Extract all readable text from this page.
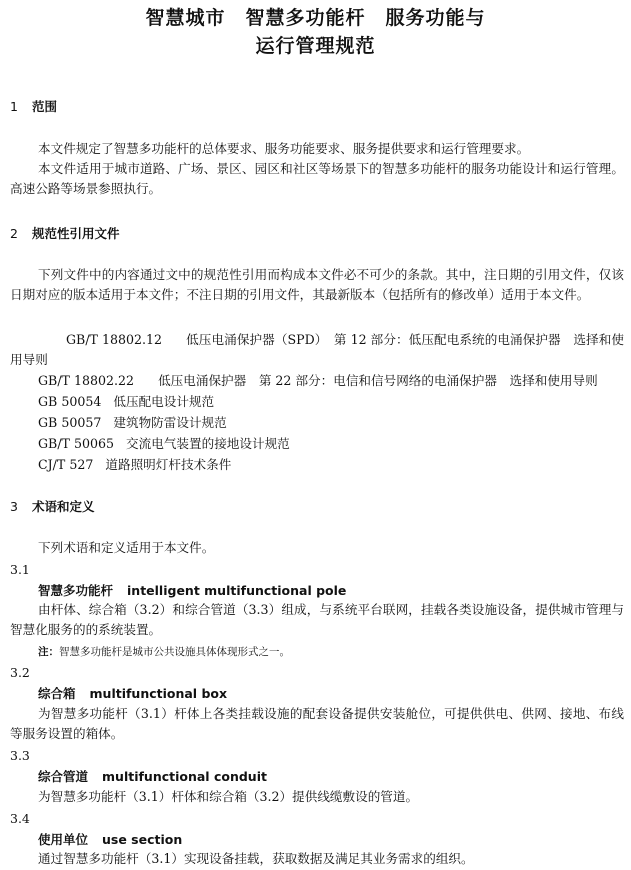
智慧城市　智慧多功能杆　服务功能与
运行管理规范
1 范围
本文件规定了智慧多功能杆的总体要求、服务功能要求、服务提供要求和运行管理要求。
本文件适用于城市道路、广场、景区、园区和社区等场景下的智慧多功能杆的服务功能设计和运行管理。高速公路等场景参照执行。
2 规范性引用文件
下列文件中的内容通过文中的规范性引用而构成本文件必不可少的条款。其中，注日期的引用文件，仅该日期对应的版本适用于本文件；不注日期的引用文件，其最新版本（包括所有的修改单）适用于本文件。
GB/T 18802.12 低压电涌保护器（SPD）　第 12 部分：低压配电系统的电涌保护器　选择和使用导则
GB/T 18802.22 低压电涌保护器　第 22 部分：电信和信号网络的电涌保护器　选择和使用导则
GB 50054 低压配电设计规范
GB 50057 建筑物防雷设计规范
GB/T 50065 交流电气装置的接地设计规范
CJ/T 527 道路照明灯杆技术条件
3 术语和定义
下列术语和定义适用于本文件。
3.1
智慧多功能杆 intelligent multifunctional pole
由杆体、综合箱（3.2）和综合管道（3.3）组成，与系统平台联网，挂载各类设施设备，提供城市管理与智慧化服务的的系统装置。
注：智慧多功能杆是城市公共设施具体体现形式之一。
3.2
综合箱 multifunctional box
为智慧多功能杆（3.1）杆体上各类挂载设施的配套设备提供安装舱位，可提供供电、供网、接地、布线等服务设置的箱体。
3.3
综合管道 multifunctional conduit
为智慧多功能杆（3.1）杆体和综合箱（3.2）提供线缆敷设的管道。
3.4
使用单位 use section
通过智慧多功能杆（3.1）实现设备挂载，获取数据及满足其业务需求的组织。
